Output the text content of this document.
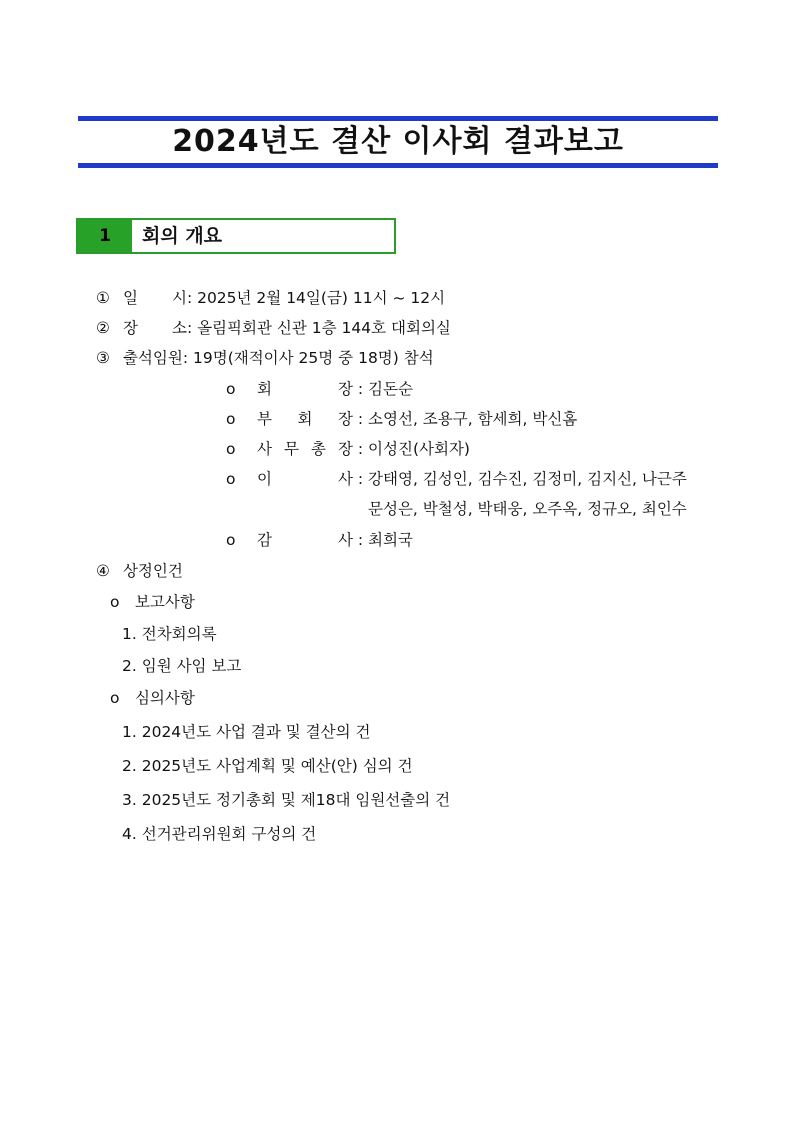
2024년도 결산 이사회 결과보고
1	회의 개요
① 일 시 : 2025년 2월 14일(금) 11시 ~ 12시
② 장 소 : 올림픽회관 신관 1층 144호 대회의실
③ 출석임원: 19명(재적이사 25명 중 18명) 참석
o 회	장 : 김돈순
o 부 회 장 : 소영선, 조용구, 함세희, 박신홈
o 사 무 총 장 : 이성진(사회자)
o 이	사 : 강태영, 김성인, 김수진, 김정미, 김지신, 나근주
문성은, 박철성, 박태웅, 오주옥, 정규오, 최인수
o 감	사 : 최희국
④ 상정인건
o 보고사항
1. 전차회의록
2. 임원 사임 보고
o 심의사항
1. 2024년도 사업 결과 및 결산의 건
2. 2025년도 사업계획 및 예산(안) 심의 건
3. 2025년도 정기총회 및 제18대 임원선출의 건
4. 선거관리위원회 구성의 건
